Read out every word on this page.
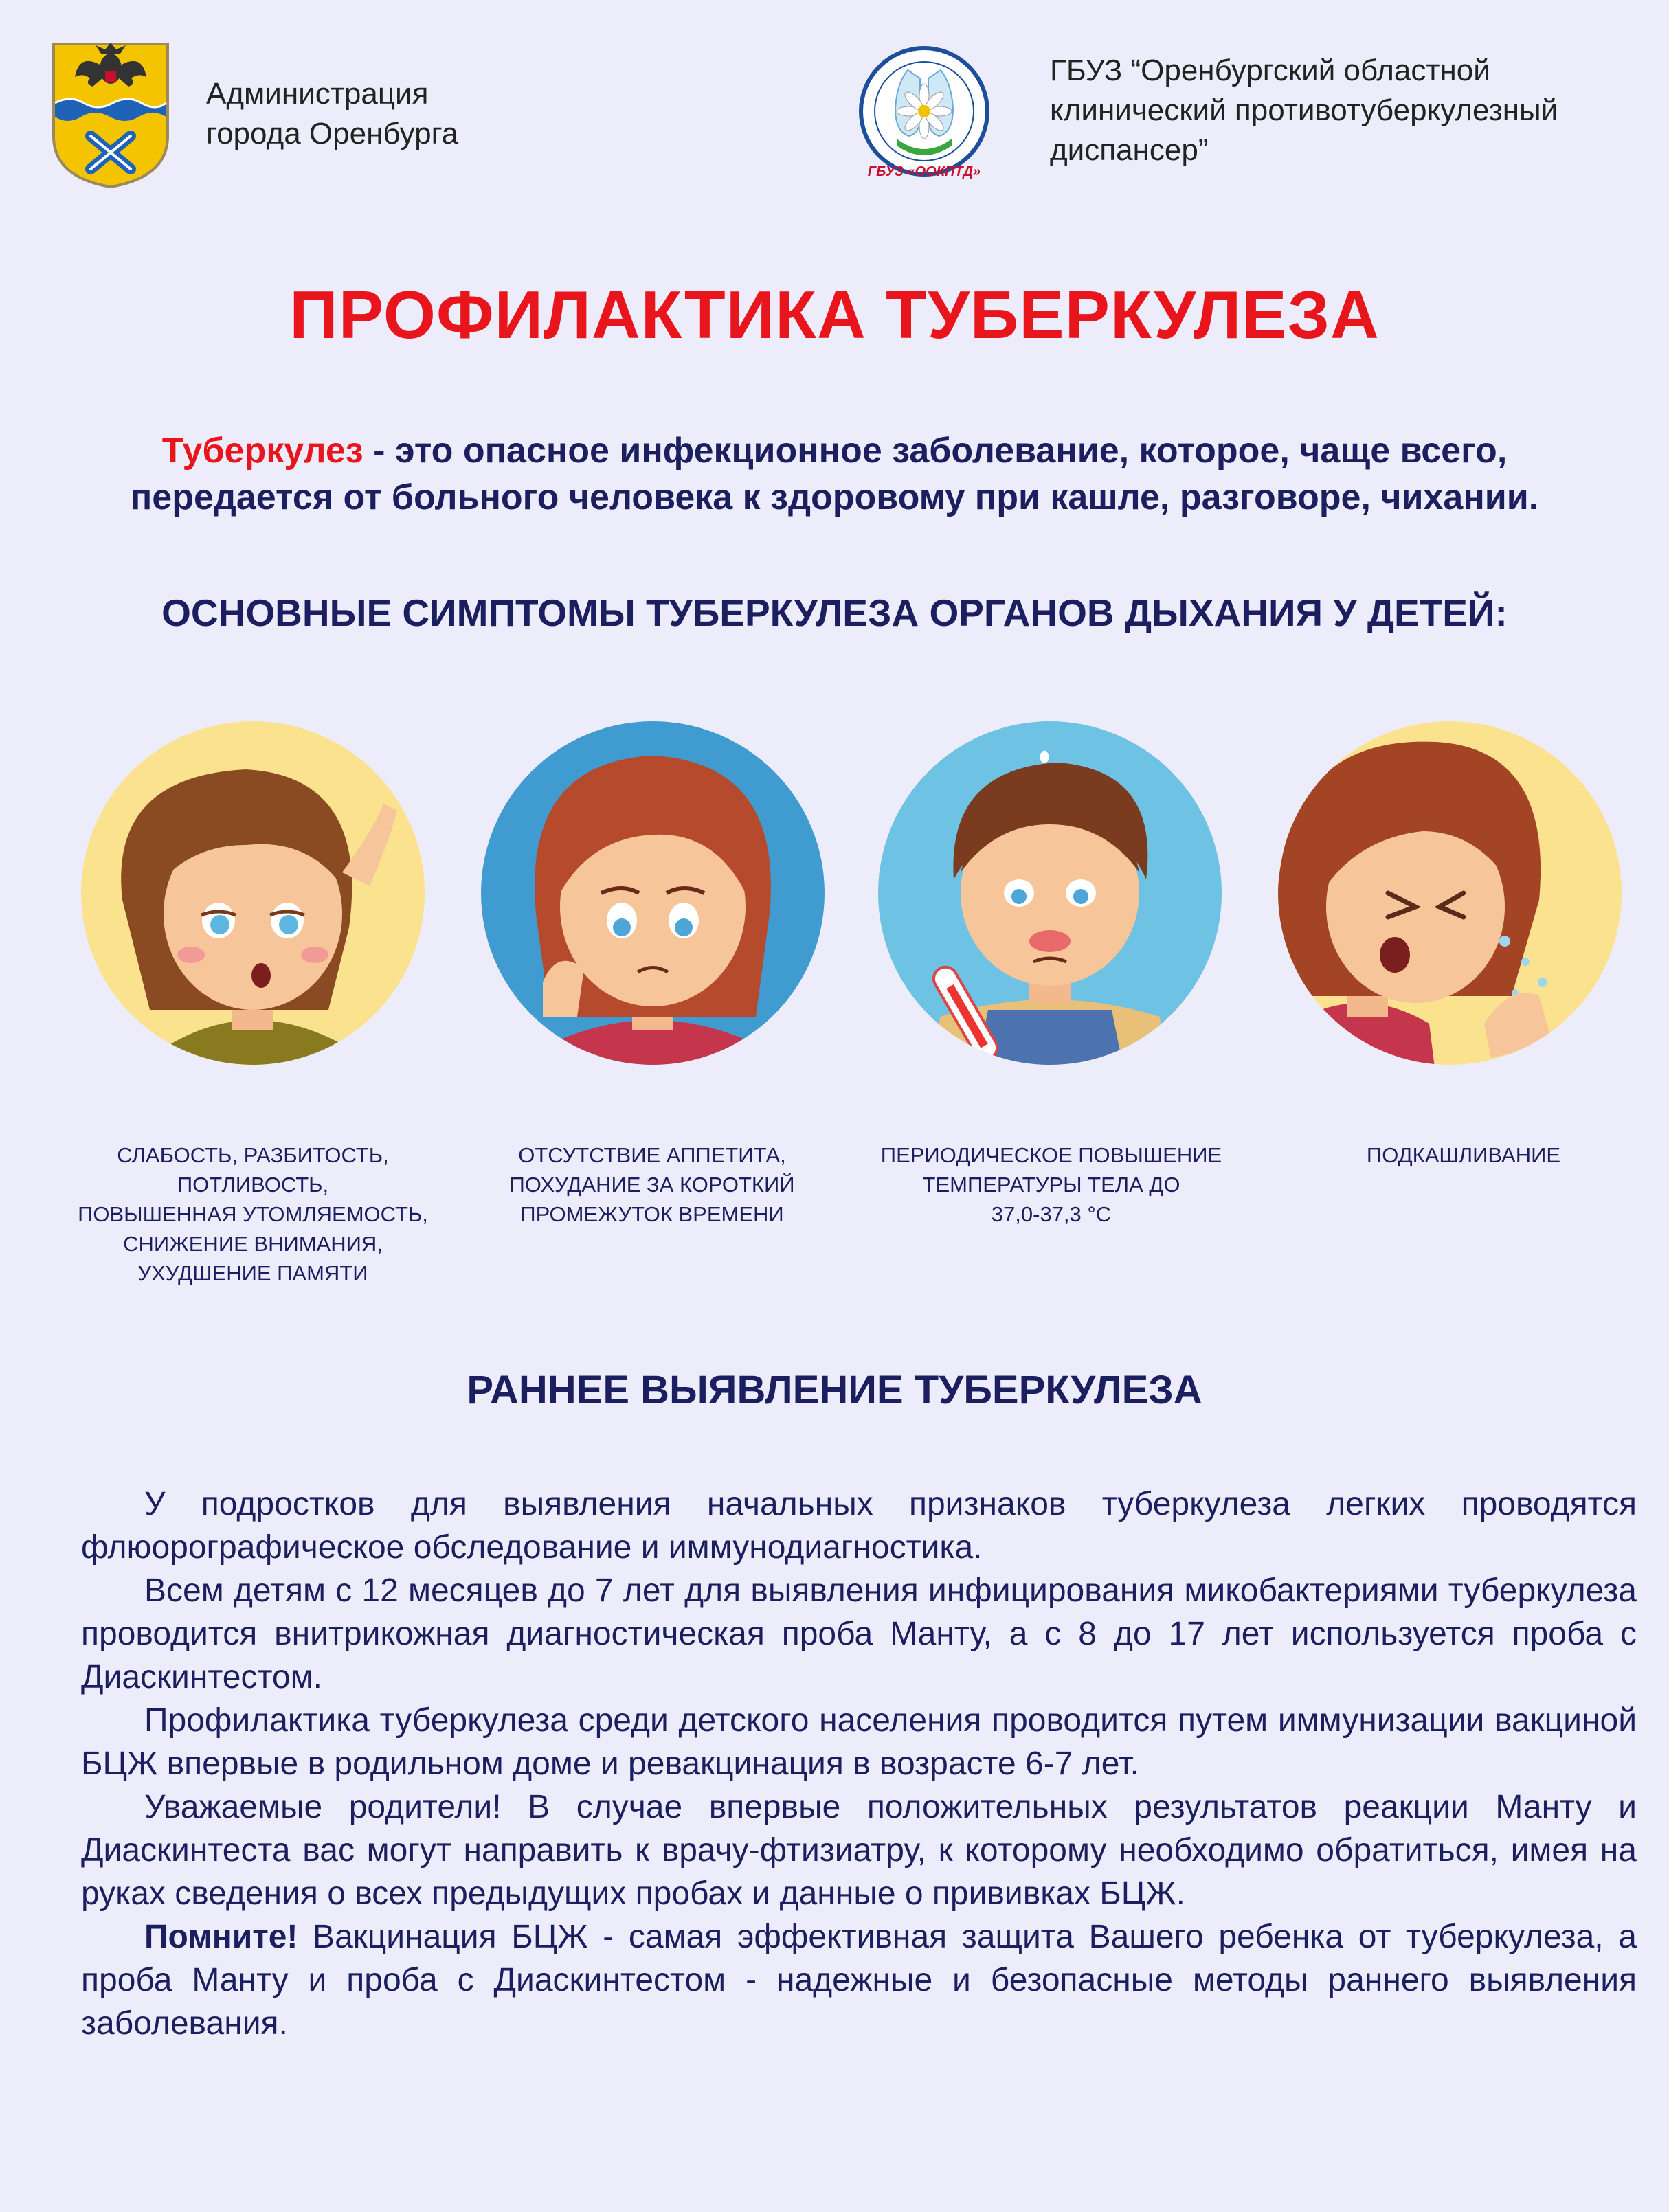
Администрация
города Оренбурга
ГБУЗ «ООКПТД»
ГБУЗ “Оренбургский областной
клинический противотуберкулезный
диспансер”
ПРОФИЛАКТИКА ТУБЕРКУЛЕЗА
Туберкулез - это опасное инфекционное заболевание, которое, чаще всего,
передается от больного человека к здоровому при кашле, разговоре, чихании.
ОСНОВНЫЕ СИМПТОМЫ ТУБЕРКУЛЕЗА ОРГАНОВ ДЫХАНИЯ У ДЕТЕЙ:
СЛАБОСТЬ, РАЗБИТОСТЬ,
ПОТЛИВОСТЬ,
ПОВЫШЕННАЯ УТОМЛЯЕМОСТЬ,
СНИЖЕНИЕ ВНИМАНИЯ,
УХУДШЕНИЕ ПАМЯТИ
ОТСУТСТВИЕ АППЕТИТА,
ПОХУДАНИЕ ЗА КОРОТКИЙ
ПРОМЕЖУТОК ВРЕМЕНИ
ПЕРИОДИЧЕСКОЕ ПОВЫШЕНИЕ
ТЕМПЕРАТУРЫ ТЕЛА ДО
37,0-37,3 °С
ПОДКАШЛИВАНИЕ
РАННЕЕ ВЫЯВЛЕНИЕ ТУБЕРКУЛЕЗА

У подростков для выявления начальных признаков туберкулеза легких проводятся флюорографическое обследование и иммунодиагностика.

Всем детям с 12 месяцев до 7 лет для выявления инфицирования микобактериями туберкулеза проводится внитрикожная диагностическая проба Манту, а с 8 до 17 лет используется проба с Диаскинтестом.

Профилактика туберкулеза среди детского населения проводится путем иммунизации вакциной БЦЖ впервые в родильном доме и ревакцинация в возрасте 6-7 лет.

Уважаемые родители! В случае впервые положительных результатов реакции Манту и Диаскинтеста вас могут направить к врачу-фтизиатру, к которому необходимо обратиться, имея на руках сведения о всех предыдущих пробах и данные о прививках БЦЖ.

Помните! Вакцинация БЦЖ - самая эффективная защита Вашего ребенка от туберкулеза, а проба Манту и проба с Диаскинтестом - надежные и безопасные методы раннего выявления заболевания.
